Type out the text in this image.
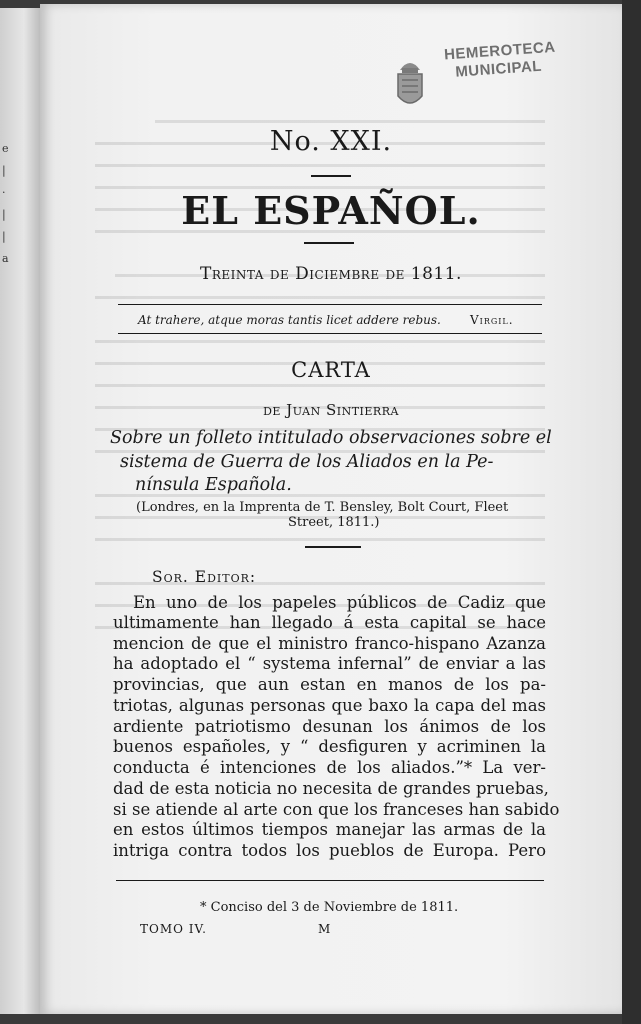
e
|
·
|
|
a
HEMEROTECA
MUNICIPAL
No. XXI.
EL ESPAÑOL.
Treinta de Diciembre de 1811.
At trahere, atque moras tantis licet addere rebus. Virgil.
CARTA
de Juan Sintierra
Sobre un folleto intitulado observaciones sobre el
sistema de Guerra de los Aliados en la Pe-
nínsula Española.
(Londres, en la Imprenta de T. Bensley, Bolt Court, Fleet
Street, 1811.)
Sor. Editor:
En uno de los papeles públicos de Cadiz que
ultimamente han llegado á esta capital se hace
mencion de que el ministro franco-hispano Azanza
ha adoptado el “ systema infernal” de enviar a las
provincias, que aun estan en manos de los pa-
triotas, algunas personas que baxo la capa del mas
ardiente patriotismo desunan los ánimos de los
buenos españoles, y “ desfiguren y acriminen la
conducta é intenciones de los aliados.”* La ver-
dad de esta noticia no necesita de grandes pruebas,
si se atiende al arte con que los franceses han sabido
en estos últimos tiempos manejar las armas de la
intriga contra todos los pueblos de Europa. Pero
* Conciso del 3 de Noviembre de 1811.
TOMO IV.	M
